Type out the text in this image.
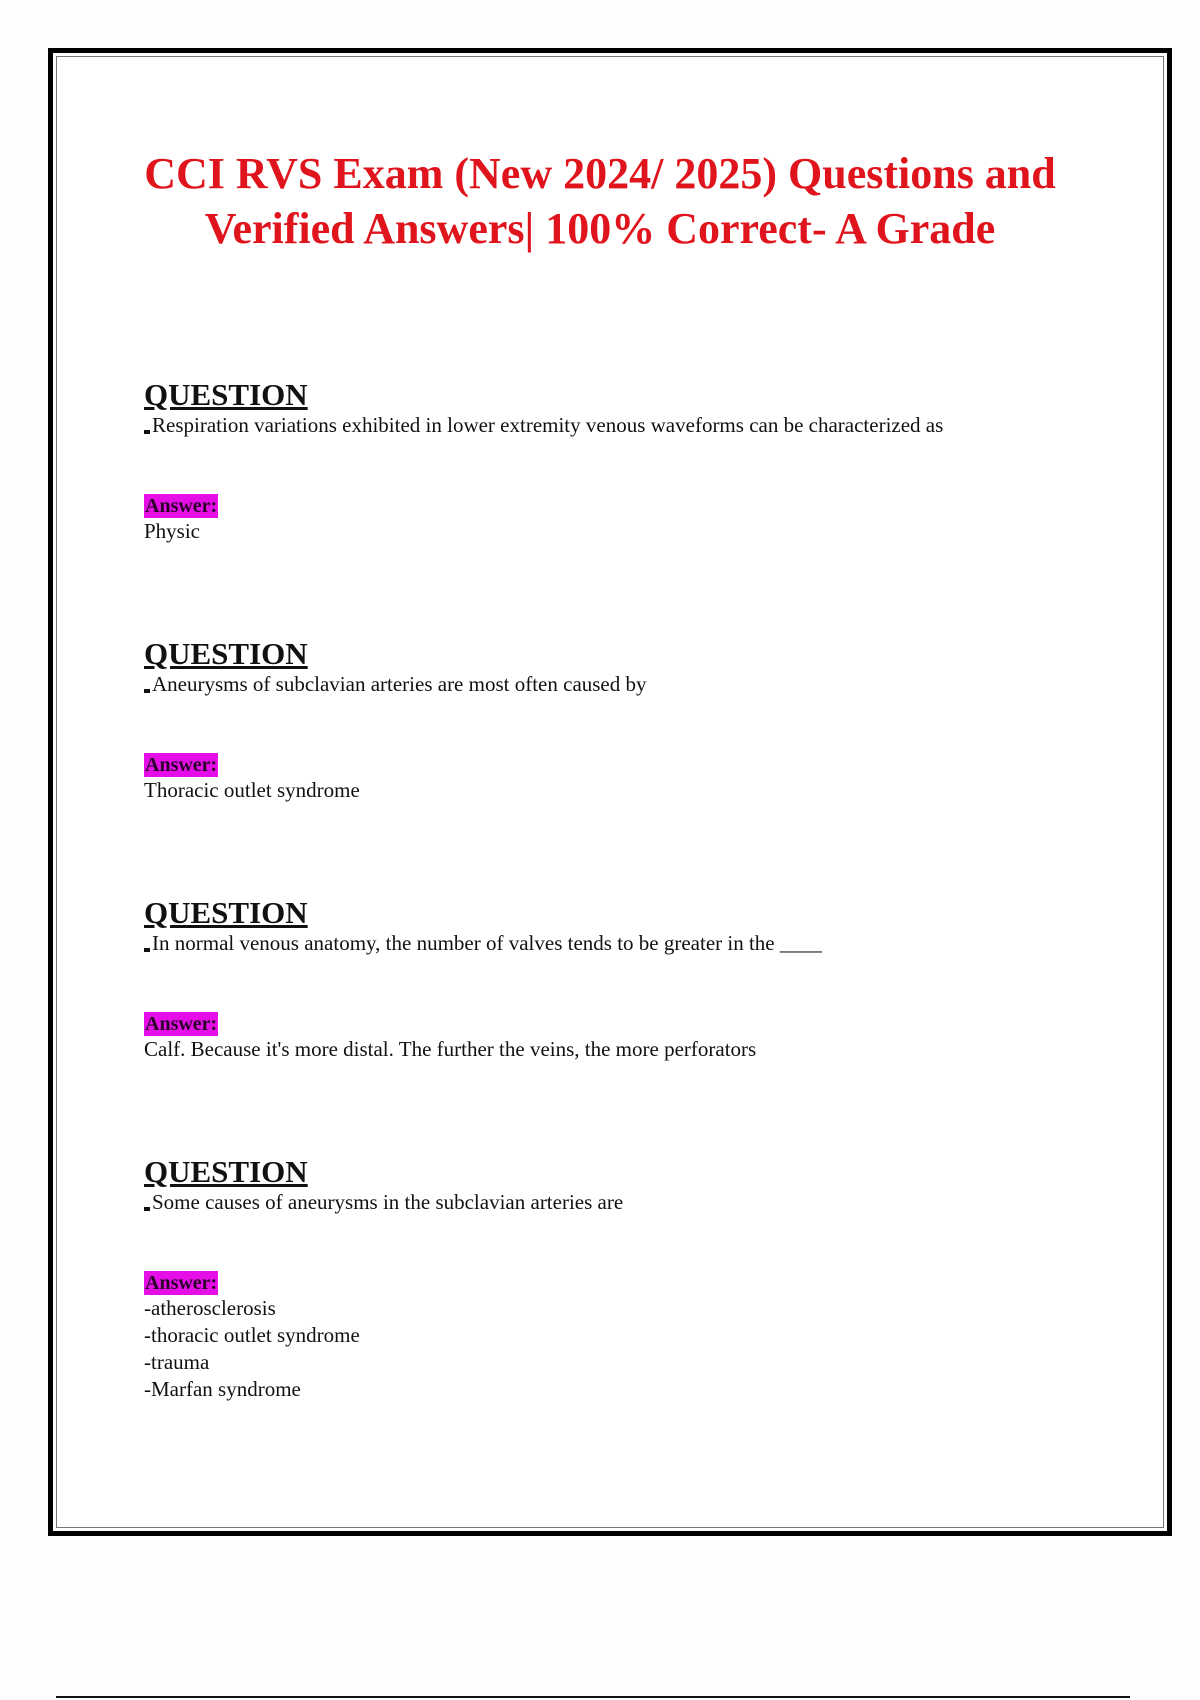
CCI RVS Exam (New 2024/ 2025) Questions and Verified Answers| 100% Correct- A Grade
QUESTION
Respiration variations exhibited in lower extremity venous waveforms can be characterized as
Answer:
Physic
QUESTION
Aneurysms of subclavian arteries are most often caused by
Answer:
Thoracic outlet syndrome
QUESTION
In normal venous anatomy, the number of valves tends to be greater in the ____
Answer:
Calf. Because it's more distal. The further the veins, the more perforators
QUESTION
Some causes of aneurysms in the subclavian arteries are
Answer:
-atherosclerosis
-thoracic outlet syndrome
-trauma
-Marfan syndrome
